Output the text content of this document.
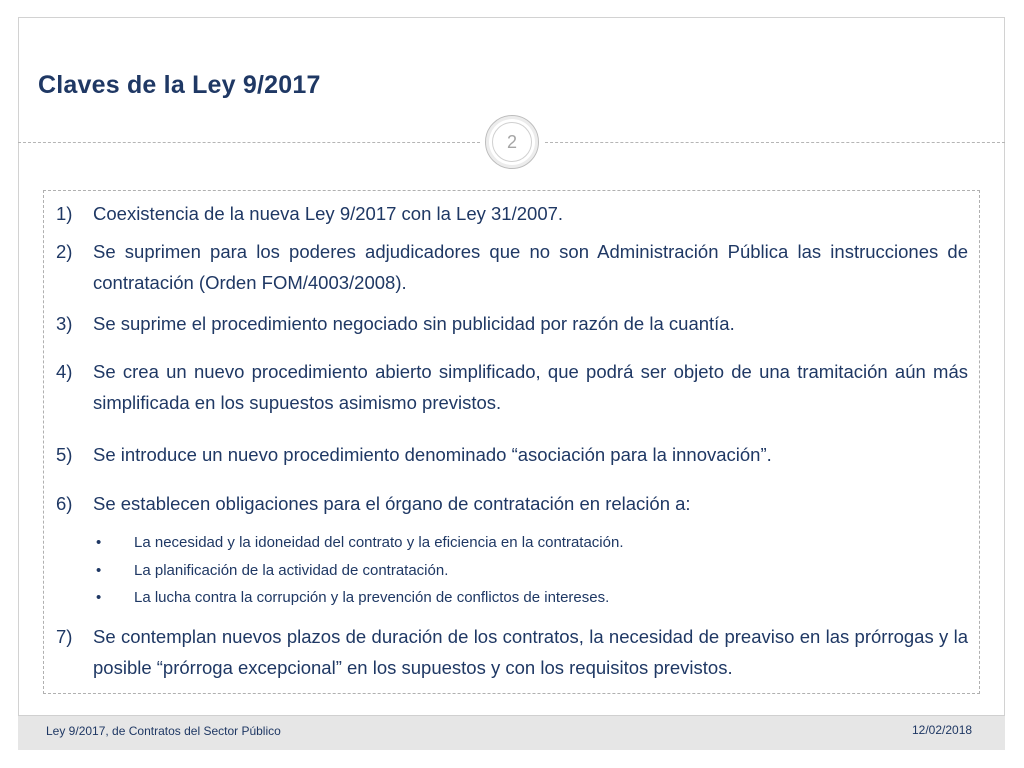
Claves de la Ley 9/2017
2
1)	Coexistencia de la nueva Ley 9/2017 con la Ley 31/2007.
2)	Se suprimen para los poderes adjudicadores que no son Administración Pública las instrucciones de contratación (Orden FOM/4003/2008).
3)	Se suprime el procedimiento negociado sin publicidad por razón de la cuantía.
4)	Se crea un nuevo procedimiento abierto simplificado, que podrá ser objeto de una tramitación aún más simplificada en los supuestos asimismo previstos.
5)	Se introduce un nuevo procedimiento denominado “asociación para la innovación”.
6)	Se establecen obligaciones para el órgano de contratación en relación a:
• La necesidad y la idoneidad del contrato y la eficiencia en la contratación.
• La planificación de la actividad de contratación.
• La lucha contra la corrupción y la prevención de conflictos de intereses.
7)	Se contemplan nuevos plazos de duración de los contratos, la necesidad de preaviso en las prórrogas y la posible “prórroga excepcional” en los supuestos y con los requisitos previstos.
Ley 9/2017, de Contratos del Sector Público	12/02/2018
